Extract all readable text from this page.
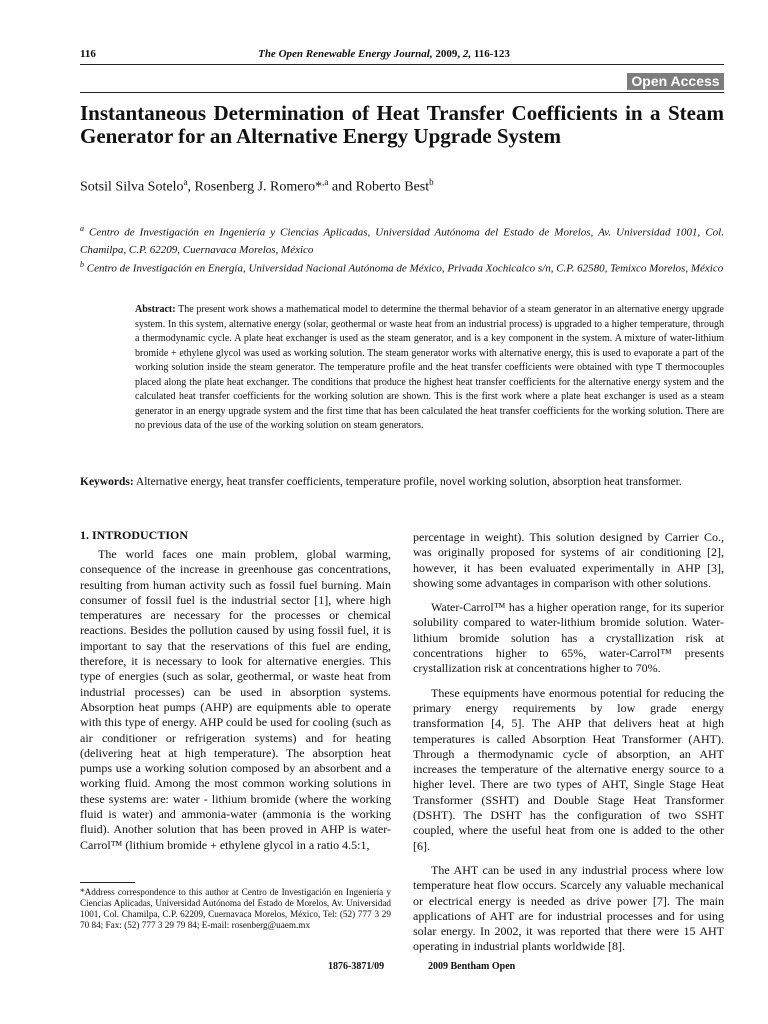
116	The Open Renewable Energy Journal, 2009, 2, 116-123
Open Access
Instantaneous Determination of Heat Transfer Coefficients in a Steam Generator for an Alternative Energy Upgrade System
Sotsil Silva Sotelo$^a$, Rosenberg J. Romero*$^{,a}$ and Roberto Best$^b$
$^a$ Centro de Investigación en Ingeniería y Ciencias Aplicadas, Universidad Autónoma del Estado de Morelos, Av. Universidad 1001, Col. Chamilpa, C.P. 62209, Cuernavaca Morelos, México
$^b$ Centro de Investigación en Energía, Universidad Nacional Autónoma de México, Privada Xochicalco s/n, C.P. 62580, Temixco Morelos, México
Abstract: The present work shows a mathematical model to determine the thermal behavior of a steam generator in an alternative energy upgrade system. In this system, alternative energy (solar, geothermal or waste heat from an industrial process) is upgraded to a higher temperature, through a thermodynamic cycle. A plate heat exchanger is used as the steam generator, and is a key component in the system. A mixture of water-lithium bromide + ethylene glycol was used as working solution. The steam generator works with alternative energy, this is used to evaporate a part of the working solution inside the steam generator. The temperature profile and the heat transfer coefficients were obtained with type T thermocouples placed along the plate heat exchanger. The conditions that produce the highest heat transfer coefficients for the alternative energy system and the calculated heat transfer coefficients for the working solution are shown. This is the first work where a plate heat exchanger is used as a steam generator in an energy upgrade system and the first time that has been calculated the heat transfer coefficients for the working solution. There are no previous data of the use of the working solution on steam generators.
Keywords: Alternative energy, heat transfer coefficients, temperature profile, novel working solution, absorption heat transformer.
1. INTRODUCTION

The world faces one main problem, global warming, consequence of the increase in greenhouse gas concentrations, resulting from human activity such as fossil fuel burning. Main consumer of fossil fuel is the industrial sector [1], where high temperatures are necessary for the processes or chemical reactions. Besides the pollution caused by using fossil fuel, it is important to say that the reservations of this fuel are ending, therefore, it is necessary to look for alternative energies. This type of energies (such as solar, geothermal, or waste heat from industrial processes) can be used in absorption systems. Absorption heat pumps (AHP) are equipments able to operate with this type of energy. AHP could be used for cooling (such as air conditioner or refrigeration systems) and for heating (delivering heat at high temperature). The absorption heat pumps use a working solution composed by an absorbent and a working fluid. Among the most common working solutions in these systems are: water - lithium bromide (where the working fluid is water) and ammonia-water (ammonia is the working fluid). Another solution that has been proved in AHP is water-Carrol™ (lithium bromide + ethylene glycol in a ratio 4.5:1,

percentage in weight). This solution designed by Carrier Co., was originally proposed for systems of air conditioning [2], however, it has been evaluated experimentally in AHP [3], showing some advantages in comparison with other solutions.

Water-Carrol™ has a higher operation range, for its superior solubility compared to water-lithium bromide solution. Water-lithium bromide solution has a crystallization risk at concentrations higher to 65%, water-Carrol™ presents crystallization risk at concentrations higher to 70%.

These equipments have enormous potential for reducing the primary energy requirements by low grade energy transformation [4, 5]. The AHP that delivers heat at high temperatures is called Absorption Heat Transformer (AHT). Through a thermodynamic cycle of absorption, an AHT increases the temperature of the alternative energy source to a higher level. There are two types of AHT, Single Stage Heat Transformer (SSHT) and Double Stage Heat Transformer (DSHT). The DSHT has the configuration of two SSHT coupled, where the useful heat from one is added to the other [6].

The AHT can be used in any industrial process where low temperature heat flow occurs. Scarcely any valuable mechanical or electrical energy is needed as drive power [7]. The main applications of AHT are for industrial processes and for using solar energy. In 2002, it was reported that there were 15 AHT operating in industrial plants worldwide [8].

*Address correspondence to this author at Centro de Investigación en Ingeniería y Ciencias Aplicadas, Universidad Autónoma del Estado de Morelos, Av. Universidad 1001, Col. Chamilpa, C.P. 62209, Cuernavaca Morelos, México, Tel: (52) 777 3 29 70 84; Fax: (52) 777 3 29 79 84; E-mail: rosenberg@uaem.mx
1876-3871/09	2009 Bentham Open
